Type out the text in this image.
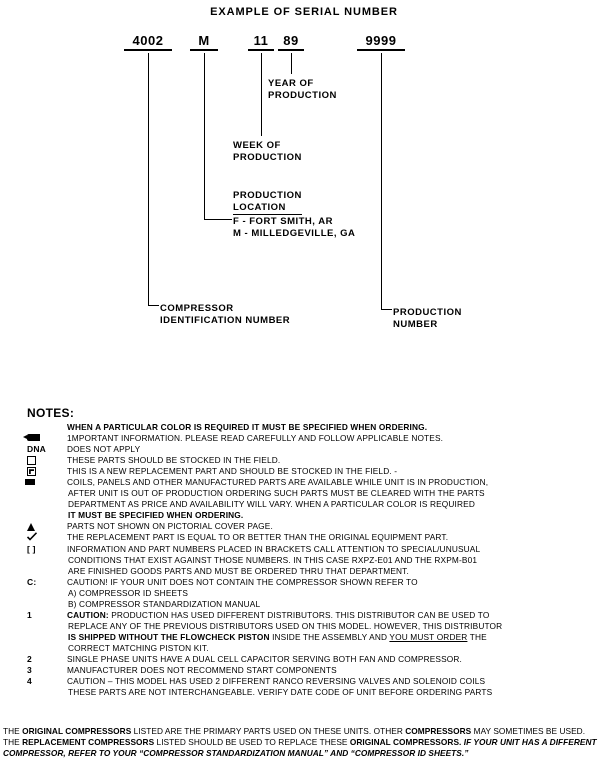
EXAMPLE OF SERIAL NUMBER
4002	M	11	89	9999
YEAR OF
PRODUCTION
WEEK OF
PRODUCTION

PRODUCTION
LOCATION

F - FORT SMITH, AR
M - MILLEDGEVILLE, GA

COMPRESSOR
IDENTIFICATION NUMBER
PRODUCTION
NUMBER
NOTES:

WHEN A PARTICULAR COLOR IS REQUIRED IT MUST BE SPECIFIED WHEN ORDERING.
1MPORTANT INFORMATION. PLEASE READ CAREFULLY AND FOLLOW APPLICABLE NOTES.
DNA	DOES NOT APPLY
THESE PARTS SHOULD BE STOCKED IN THE FIELD.
THIS IS A NEW REPLACEMENT PART AND SHOULD BE STOCKED IN THE FIELD. -
COILS, PANELS AND OTHER MANUFACTURED PARTS ARE AVAILABLE WHILE UNIT IS IN PRODUCTION,
AFTER UNIT IS OUT OF PRODUCTION ORDERING SUCH PARTS MUST BE CLEARED WITH THE PARTS
DEPARTMENT AS PRICE AND AVAILABILITY WILL VARY. WHEN A PARTICULAR COLOR IS REQUIRED
IT MUST BE SPECIFIED WHEN ORDERING.
PARTS NOT SHOWN ON PICTORIAL COVER PAGE.
THE REPLACEMENT PART IS EQUAL TO OR BETTER THAN THE ORIGINAL EQUIPMENT PART.
[ ]	INFORMATION AND PART NUMBERS PLACED IN BRACKETS CALL ATTENTION TO SPECIAL/UNUSUAL
CONDITIONS THAT EXIST AGAINST THOSE NUMBERS. IN THIS CASE RXPZ-E01 AND THE RXPM-B01
ARE FINISHED GOODS PARTS AND MUST BE ORDERED THRU THAT DEPARTMENT.
C:	CAUTION! IF YOUR UNIT DOES NOT CONTAIN THE COMPRESSOR SHOWN REFER TO
A) COMPRESSOR ID SHEETS
B) COMPRESSOR STANDARDIZATION MANUAL
1	CAUTION: PRODUCTION HAS USED DIFFERENT DISTRIBUTORS. THIS DISTRIBUTOR CAN BE USED TO
REPLACE ANY OF THE PREVIOUS DISTRIBUTORS USED ON THIS MODEL. HOWEVER, THIS DISTRIBUTOR
IS SHIPPED WITHOUT THE FLOWCHECK PISTON INSIDE THE ASSEMBLY AND YOU MUST ORDER THE
CORRECT MATCHING PISTON KIT.
2	SINGLE PHASE UNITS HAVE A DUAL CELL CAPACITOR SERVING BOTH FAN AND COMPRESSOR.
3	MANUFACTURER DOES NOT RECOMMEND START COMPONENTS
4	CAUTION – THIS MODEL HAS USED 2 DIFFERENT RANCO REVERSING VALVES AND SOLENOID COILS
THESE PARTS ARE NOT INTERCHANGEABLE. VERIFY DATE CODE OF UNIT BEFORE ORDERING PARTS
THE ORIGINAL COMPRESSORS LISTED ARE THE PRIMARY PARTS USED ON THESE UNITS. OTHER COMPRESSORS MAY SOMETIMES BE USED.
THE REPLACEMENT COMPRESSORS LISTED SHOULD BE USED TO REPLACE THESE ORIGINAL COMPRESSORS. IF YOUR UNIT HAS A DIFFERENT
COMPRESSOR, REFER TO YOUR “COMPRESSOR STANDARDIZATION MANUAL” AND “COMPRESSOR ID SHEETS.”
